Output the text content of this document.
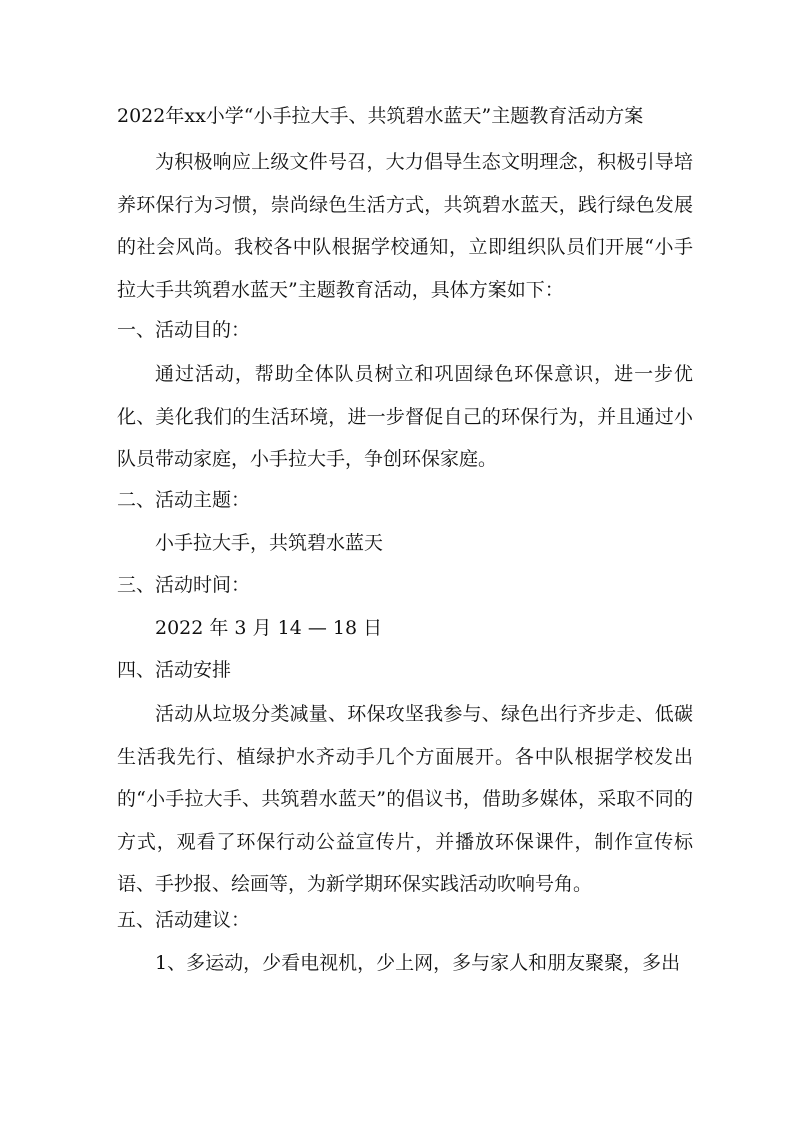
2022年xx小学“小手拉大手、共筑碧水蓝天”主题教育活动方案

为积极响应上级文件号召，大力倡导生态文明理念，积极引导培养环保行为习惯，崇尚绿色生活方式，共筑碧水蓝天，践行绿色发展的社会风尚。我校各中队根据学校通知，立即组织队员们开展“小手拉大手共筑碧水蓝天”主题教育活动，具体方案如下：

一、活动目的：

通过活动，帮助全体队员树立和巩固绿色环保意识，进一步优化、美化我们的生活环境，进一步督促自己的环保行为，并且通过小队员带动家庭，小手拉大手，争创环保家庭。

二、活动主题：
小手拉大手，共筑碧水蓝天
三、活动时间：
2022 年 3 月 14 — 18 日
四、活动安排

活动从垃圾分类减量、环保攻坚我参与、绿色出行齐步走、低碳生活我先行、植绿护水齐动手几个方面展开。各中队根据学校发出的“小手拉大手、共筑碧水蓝天”的倡议书，借助多媒体，采取不同的方式，观看了环保行动公益宣传片，并播放环保课件，制作宣传标语、手抄报、绘画等，为新学期环保实践活动吹响号角。

五、活动建议：
1、多运动，少看电视机，少上网，多与家人和朋友聚聚，多出
